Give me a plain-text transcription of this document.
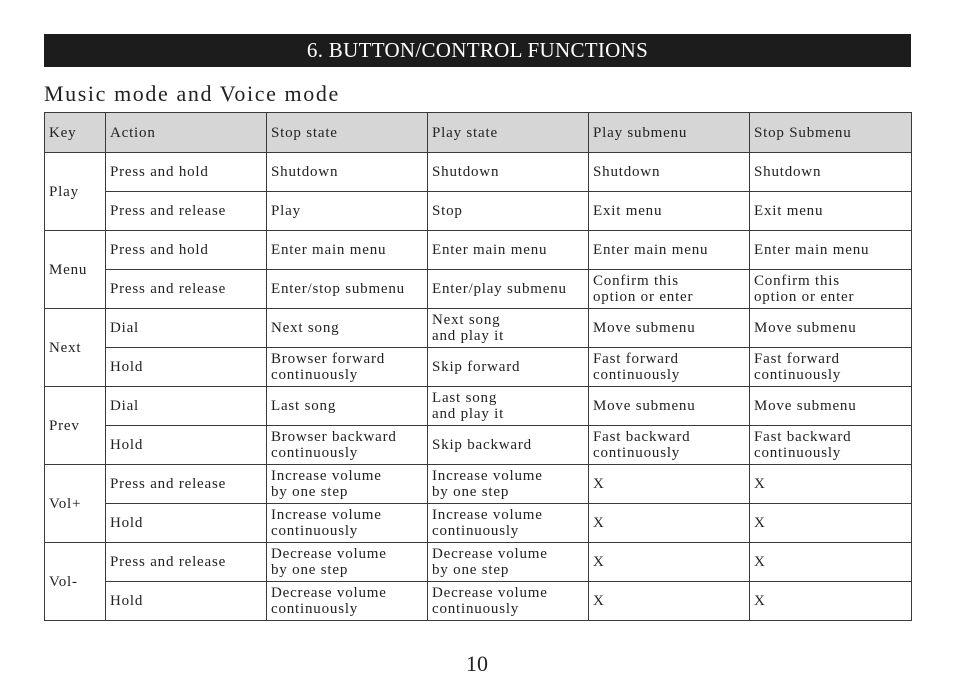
6. BUTTON/CONTROL FUNCTIONS
Music mode and Voice mode
Key	Action	Stop state	Play state	Play submenu	Stop Submenu
Play	Press and hold	Shutdown	Shutdown	Shutdown	Shutdown

	Press and release	Play	Stop	Exit menu	Exit menu

Menu	Press and hold	Enter main menu	Enter main menu	Enter main menu	Enter main menu

	Press and release	Enter/stop submenu	Enter/play submenu	Confirm this
option or enter	Confirm this
option or enter

Next	Dial	Next song	Next song
and play it	Move submenu	Move submenu

	Hold	Browser forward
continuously	Skip forward	Fast forward
continuously	Fast forward
continuously

Prev	Dial	Last song	Last song
and play it	Move submenu	Move submenu

	Hold	Browser backward
continuously	Skip backward	Fast backward
continuously	Fast backward
continuously

Vol+	Press and release	Increase volume
by one step	Increase volume
by one step	X	X

	Hold	Increase volume
continuously	Increase volume
continuously	X	X

Vol-	Press and release	Decrease volume
by one step	Decrease volume
by one step	X	X

	Hold	Decrease volume
continuously	Decrease volume
continuously	X	X
10
